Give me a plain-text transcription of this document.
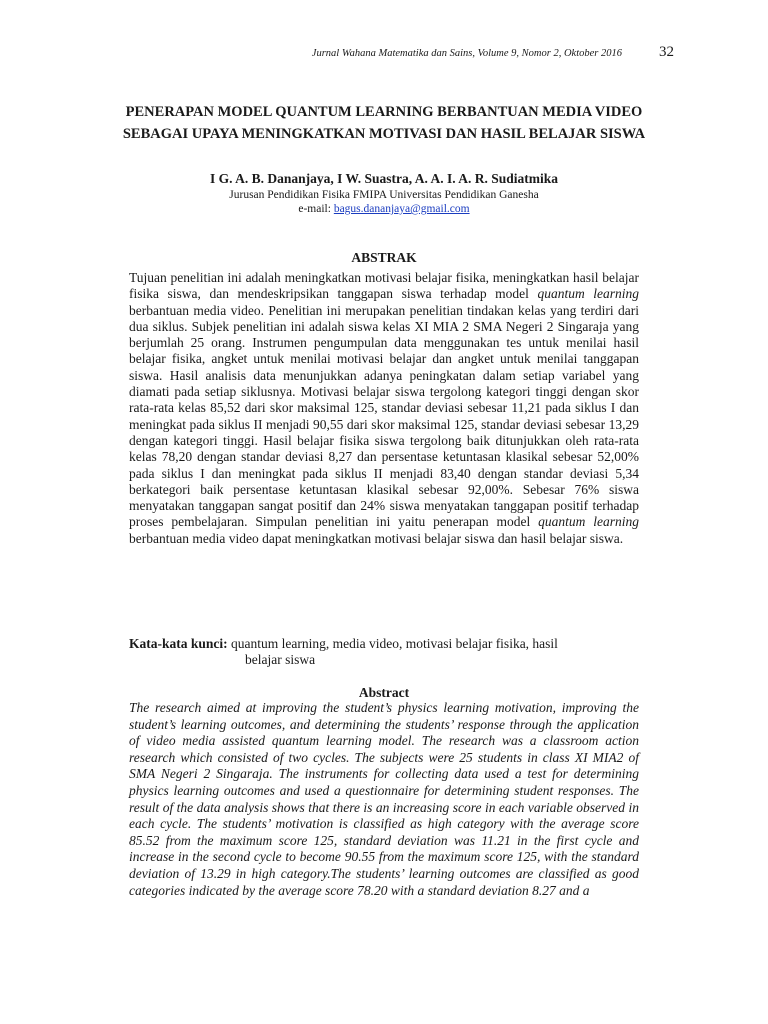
Jurnal Wahana Matematika dan Sains, Volume 9, Nomor 2, Oktober 2016 32
PENERAPAN MODEL QUANTUM LEARNING BERBANTUAN MEDIA VIDEO
SEBAGAI UPAYA MENINGKATKAN MOTIVASI DAN HASIL BELAJAR SISWA
I G. A. B. Dananjaya, I W. Suastra, A. A. I. A. R. Sudiatmika
Jurusan Pendidikan Fisika FMIPA Universitas Pendidikan Ganesha
e-mail: bagus.dananjaya@gmail.com
ABSTRAK
Tujuan penelitian ini adalah meningkatkan motivasi belajar fisika, meningkatkan hasil belajar fisika siswa, dan mendeskripsikan tanggapan siswa terhadap model quantum learning berbantuan media video. Penelitian ini merupakan penelitian tindakan kelas yang terdiri dari dua siklus. Subjek penelitian ini adalah siswa kelas XI MIA 2 SMA Negeri 2 Singaraja yang berjumlah 25 orang. Instrumen pengumpulan data menggunakan tes untuk menilai hasil belajar fisika, angket untuk menilai motivasi belajar dan angket untuk menilai tanggapan siswa. Hasil analisis data menunjukkan adanya peningkatan dalam setiap variabel yang diamati pada setiap siklusnya. Motivasi belajar siswa tergolong kategori tinggi dengan skor rata-rata kelas 85,52 dari skor maksimal 125, standar deviasi sebesar 11,21 pada siklus I dan meningkat pada siklus II menjadi 90,55 dari skor maksimal 125, standar deviasi sebesar 13,29 dengan kategori tinggi. Hasil belajar fisika siswa tergolong baik ditunjukkan oleh rata-rata kelas 78,20 dengan standar deviasi 8,27 dan persentase ketuntasan klasikal sebesar 52,00% pada siklus I dan meningkat pada siklus II menjadi 83,40 dengan standar deviasi 5,34 berkategori baik persentase ketuntasan klasikal sebesar 92,00%. Sebesar 76% siswa menyatakan tanggapan sangat positif dan 24% siswa menyatakan tanggapan positif terhadap proses pembelajaran. Simpulan penelitian ini yaitu penerapan model quantum learning berbantuan media video dapat meningkatkan motivasi belajar siswa dan hasil belajar siswa.
Kata-kata kunci: quantum learning, media video, motivasi belajar fisika, hasil
belajar siswa
Abstract
The research aimed at improving the student’s physics learning motivation, improving the student’s learning outcomes, and determining the students’ response through the application of video media assisted quantum learning model. The research was a classroom action research which consisted of two cycles. The subjects were 25 students in class XI MIA2 of SMA Negeri 2 Singaraja. The instruments for collecting data used a test for determining physics learning outcomes and used a questionnaire for determining student responses. The result of the data analysis shows that there is an increasing score in each variable observed in each cycle. The students’ motivation is classified as high category with the average score 85.52 from the maximum score 125, standard deviation was 11.21 in the first cycle and increase in the second cycle to become 90.55 from the maximum score 125, with the standard deviation of 13.29 in high category.The students’ learning outcomes are classified as good categories indicated by the average score 78.20 with a standard deviation 8.27 and a
